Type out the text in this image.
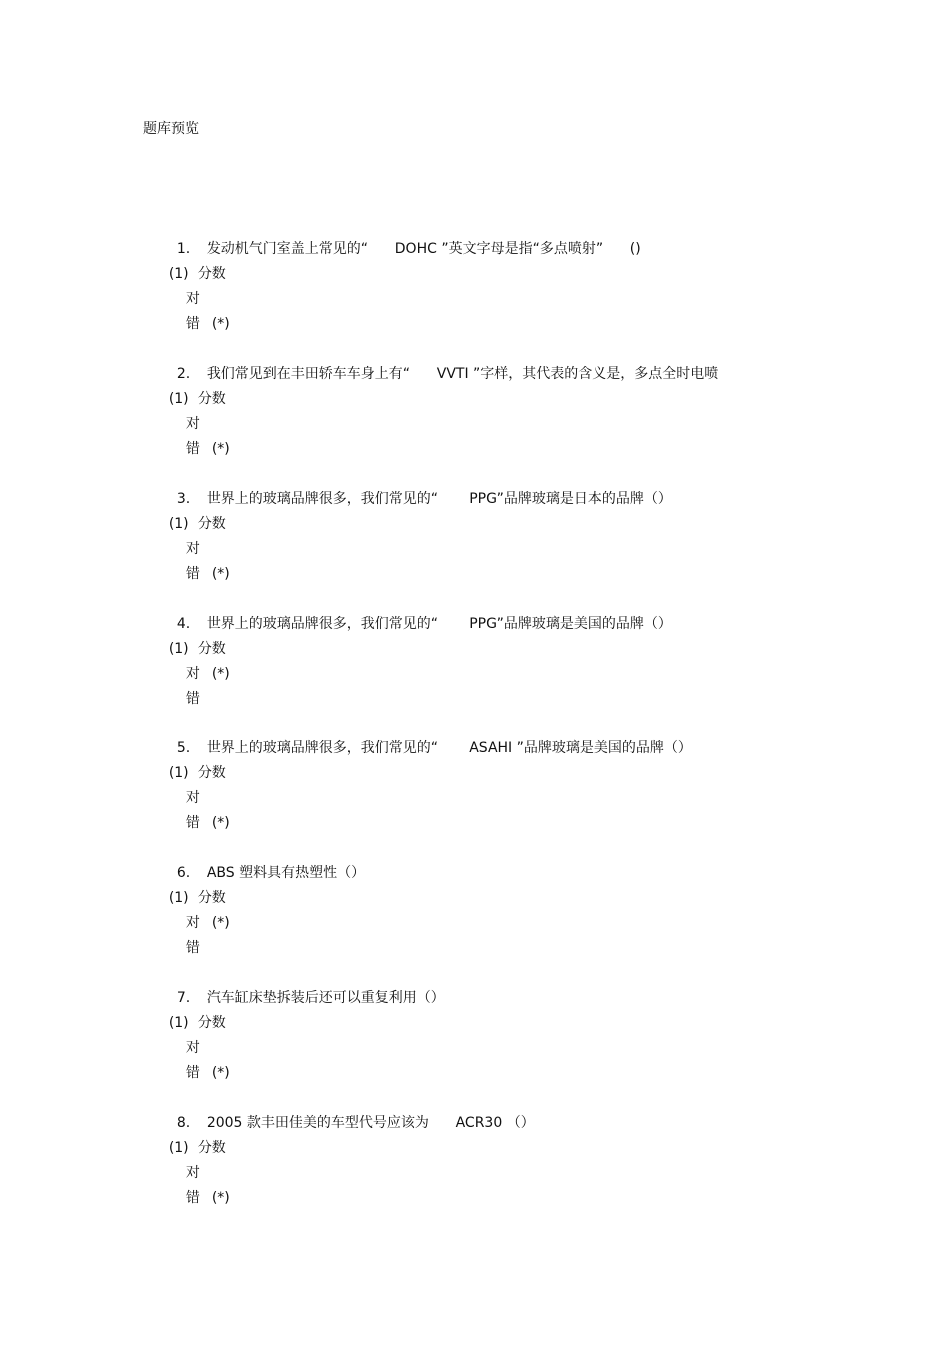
题库预览

1. 发动机气门室盖上常见的“      DOHC ”英文字母是指“多点喷射”      ()

(1) 分数

对

错 (*)

2. 我们常见到在丰田轿车车身上有“      VVTI ”字样，其代表的含义是，多点全时电喷

(1) 分数

对

错 (*)

3. 世界上的玻璃品牌很多，我们常见的“       PPG”品牌玻璃是日本的品牌（）

(1) 分数

对

错 (*)

4. 世界上的玻璃品牌很多，我们常见的“       PPG”品牌玻璃是美国的品牌（）

(1) 分数

对 (*)

错

5. 世界上的玻璃品牌很多，我们常见的“       ASAHI ”品牌玻璃是美国的品牌（）

(1) 分数

对

错 (*)

6. ABS 塑料具有热塑性（）

(1) 分数

对 (*)

错

7. 汽车缸床垫拆装后还可以重复利用（）

(1) 分数

对

错 (*)

8. 2005 款丰田佳美的车型代号应该为      ACR30 （）

(1) 分数

对

错 (*)
